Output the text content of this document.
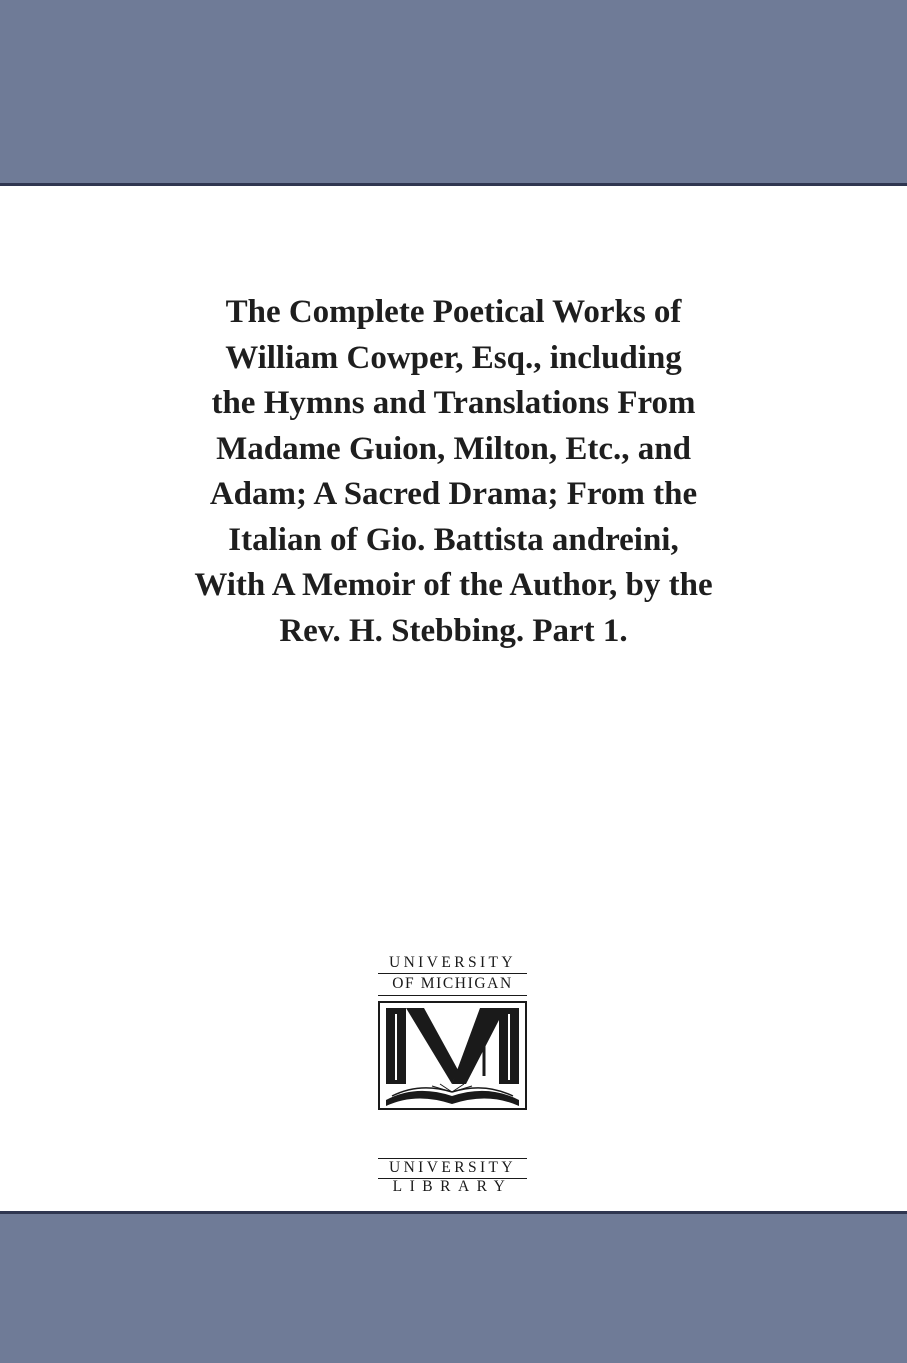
The Complete Poetical Works of
William Cowper, Esq., including
the Hymns and Translations From
Madame Guion, Milton, Etc., and
Adam; A Sacred Drama; From the
Italian of Gio. Battista andreini,
With A Memoir of the Author, by the
Rev. H. Stebbing. Part 1.
UNIVERSITY
OF MICHIGAN
UNIVERSITY
LIBRARY
